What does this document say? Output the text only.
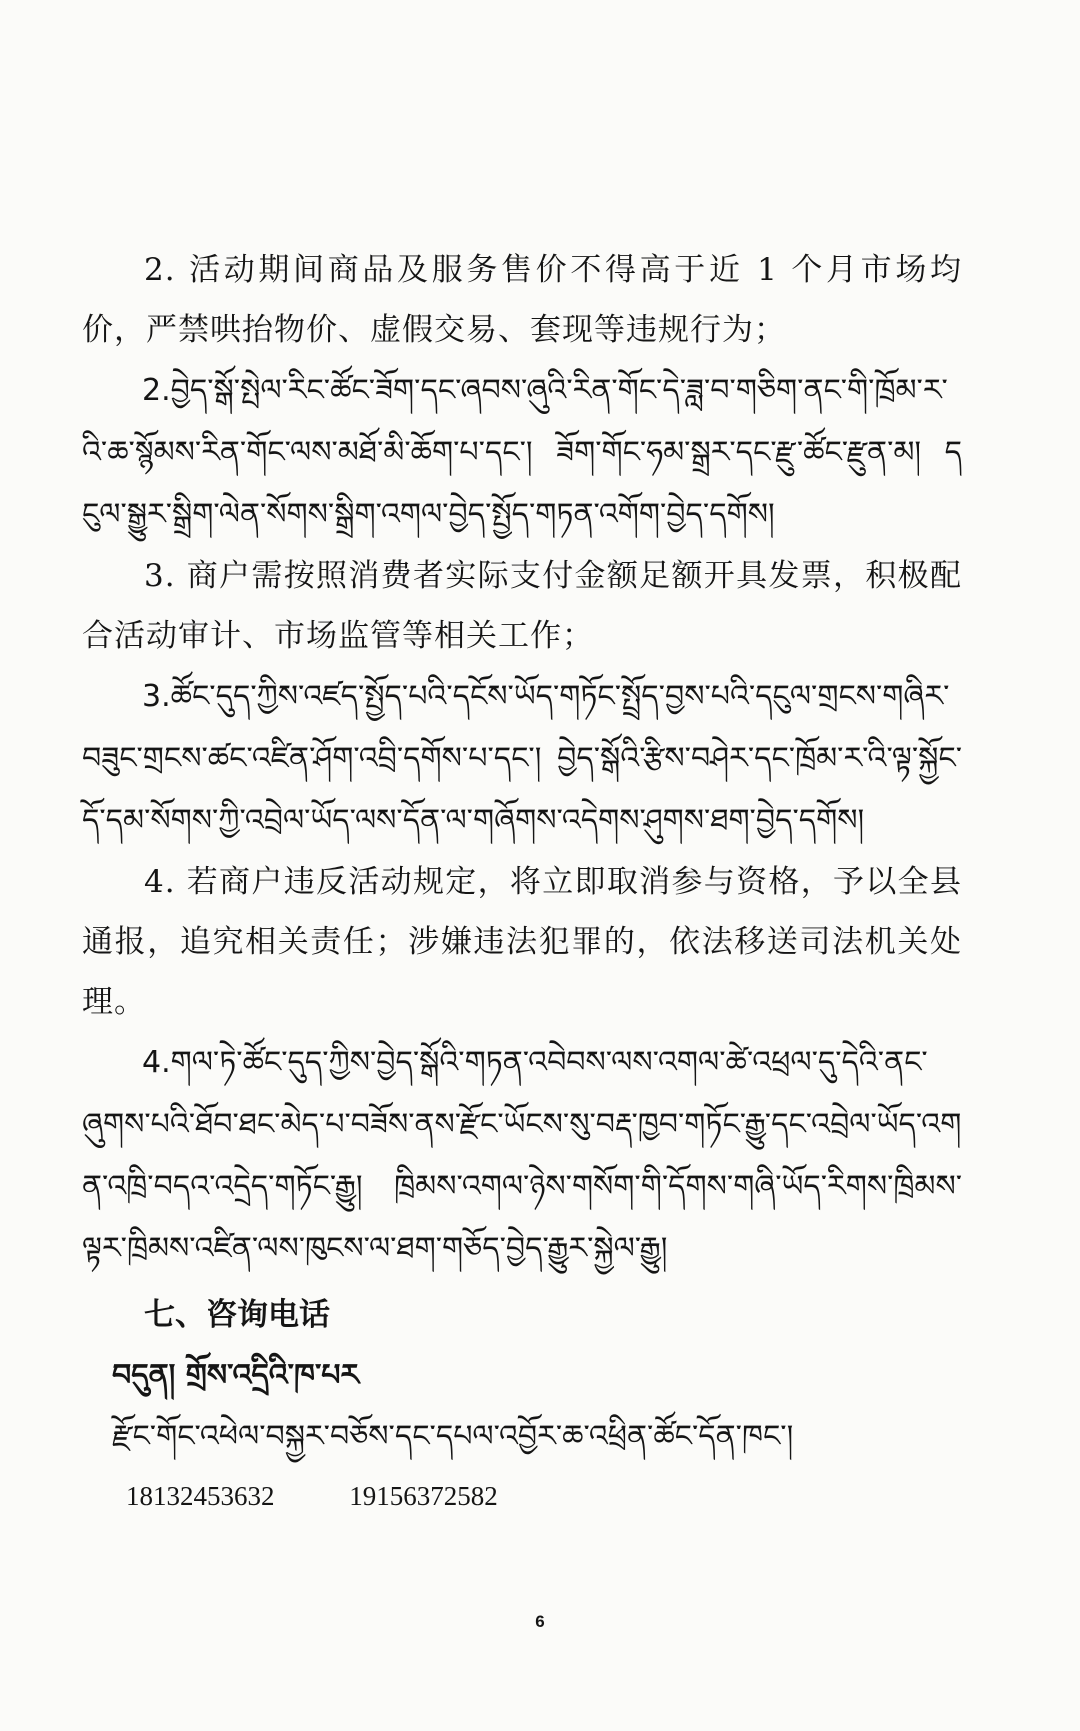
2. 活动期间商品及服务售价不得高于近 1 个月市场均价，严禁哄抬物价、虚假交易、套现等违规行为；

2.བྱེད་སྒོ་སྤེལ་རིང་ཚོང་ཟོག་དང་ཞབས་ཞུའི་རིན་གོང་དེ་ཟླ་བ་གཅིག་ནང་གི་ཁྲོམ་ར་འི་ཆ་སྙོམས་རིན་གོང་ལས་མཐོ་མི་ཆོག་པ་དང་། ཟོག་གོང་ཧམ་སྒྲར་དང་རྫུ་ཚོང་རྫུན་མ། དངུལ་སྒྱུར་སྒྲིག་ལེན་སོགས་སྒྲིག་འགལ་བྱེད་སྤྱོད་གཏན་འགོག་བྱེད་དགོས།

3. 商户需按照消费者实际支付金额足额开具发票，积极配合活动审计、市场监管等相关工作；

3.ཚོང་དུད་ཀྱིས་འཛད་སྤྱོད་པའི་དངོས་ཡོད་གཏོང་སྤྲོད་བྱས་པའི་དངུལ་གྲངས་གཞིར་བཟུང་གྲངས་ཚང་འཛིན་ཤོག་འབྲི་དགོས་པ་དང་། བྱེད་སྒོའི་རྩིས་བཤེར་དང་ཁྲོམ་ར་འི་ལྟ་སྐྱོང་དོ་དམ་སོགས་ཀྱི་འབྲེལ་ཡོད་ལས་དོན་ལ་གཞོགས་འདེགས་ཤུགས་ཐག་བྱེད་དགོས།

4. 若商户违反活动规定，将立即取消参与资格，予以全县通报，追究相关责任；涉嫌违法犯罪的，依法移送司法机关处理。

4.གལ་ཏེ་ཚོང་དུད་ཀྱིས་བྱེད་སྒོའི་གཏན་འབེབས་ལས་འགལ་ཚེ་འཕྲལ་དུ་དེའི་ནང་ཞུགས་པའི་ཐོབ་ཐང་མེད་པ་བཟོས་ནས་རྫོང་ཡོངས་སུ་བརྡ་ཁྱབ་གཏོང་རྒྱུ་དང་འབྲེལ་ཡོད་འགན་འཁྲི་བདའ་འདྲེད་གཏོང་རྒྱུ། ཁྲིམས་འགལ་ཉེས་གསོག་གི་དོགས་གཞི་ཡོད་རིགས་ཁྲིམས་ལྟར་ཁྲིམས་འཛིན་ལས་ཁུངས་ལ་ཐག་གཅོད་བྱེད་རྒྱུར་སྐྱེལ་རྒྱུ།

七、咨询电话

བདུན། གྲོས་འདྲིའི་ཁ་པར

རྫོང་གོང་འཕེལ་བསྐྱར་བཅོས་དང་དཔལ་འབྱོར་ཆ་འཕྲིན་ཚོང་དོན་ཁང་།

18132453632	19156372582

6
